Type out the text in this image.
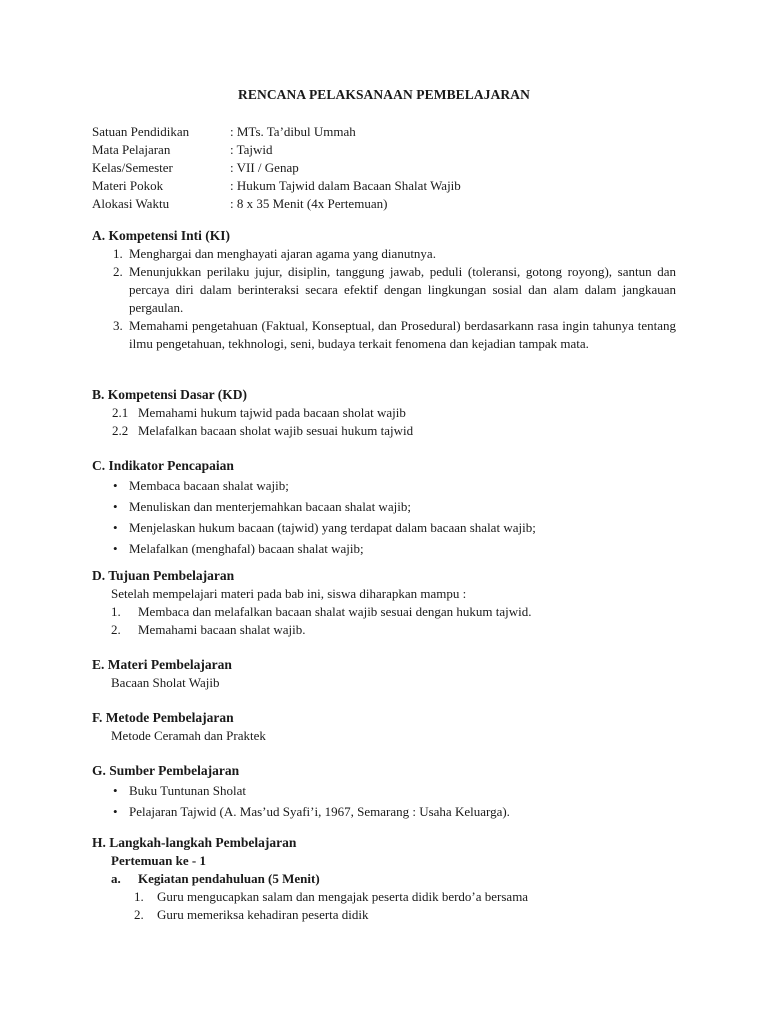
RENCANA PELAKSANAAN PEMBELAJARAN
Satuan Pendidikan	: MTs. Ta’dibul Ummah
Mata Pelajaran	: Tajwid
Kelas/Semester	: VII / Genap
Materi Pokok	: Hukum Tajwid dalam Bacaan Shalat Wajib
Alokasi Waktu	: 8 x 35 Menit (4x Pertemuan)
A. Kompetensi Inti (KI)
1. Menghargai dan menghayati ajaran agama yang dianutnya.
2. Menunjukkan perilaku jujur, disiplin, tanggung jawab, peduli (toleransi, gotong royong), santun dan percaya diri dalam berinteraksi secara efektif dengan lingkungan sosial dan alam dalam jangkauan pergaulan.
3. Memahami pengetahuan (Faktual, Konseptual, dan Prosedural) berdasarkann rasa ingin tahunya tentang ilmu pengetahuan, tekhnologi, seni, budaya terkait fenomena dan kejadian tampak mata.
B. Kompetensi Dasar (KD)
2.1 Memahami hukum tajwid pada bacaan sholat wajib
2.2 Melafalkan bacaan sholat wajib sesuai hukum tajwid
C. Indikator Pencapaian
• Membaca bacaan shalat wajib;
• Menuliskan dan menterjemahkan bacaan shalat wajib;
• Menjelaskan hukum bacaan (tajwid) yang terdapat dalam bacaan shalat wajib;
• Melafalkan (menghafal) bacaan shalat wajib;
D. Tujuan Pembelajaran
Setelah mempelajari materi pada bab ini, siswa diharapkan mampu :
1. Membaca dan melafalkan bacaan shalat wajib sesuai dengan hukum tajwid.
2. Memahami bacaan shalat wajib.
E. Materi Pembelajaran
Bacaan Sholat Wajib
F. Metode Pembelajaran
Metode Ceramah dan Praktek
G. Sumber Pembelajaran
• Buku Tuntunan Sholat
• Pelajaran Tajwid (A. Mas’ud Syafi’i, 1967, Semarang : Usaha Keluarga).
H. Langkah-langkah Pembelajaran
Pertemuan ke - 1
a. Kegiatan pendahuluan (5 Menit)
1. Guru mengucapkan salam dan mengajak peserta didik berdo’a bersama
2. Guru memeriksa kehadiran peserta didik
